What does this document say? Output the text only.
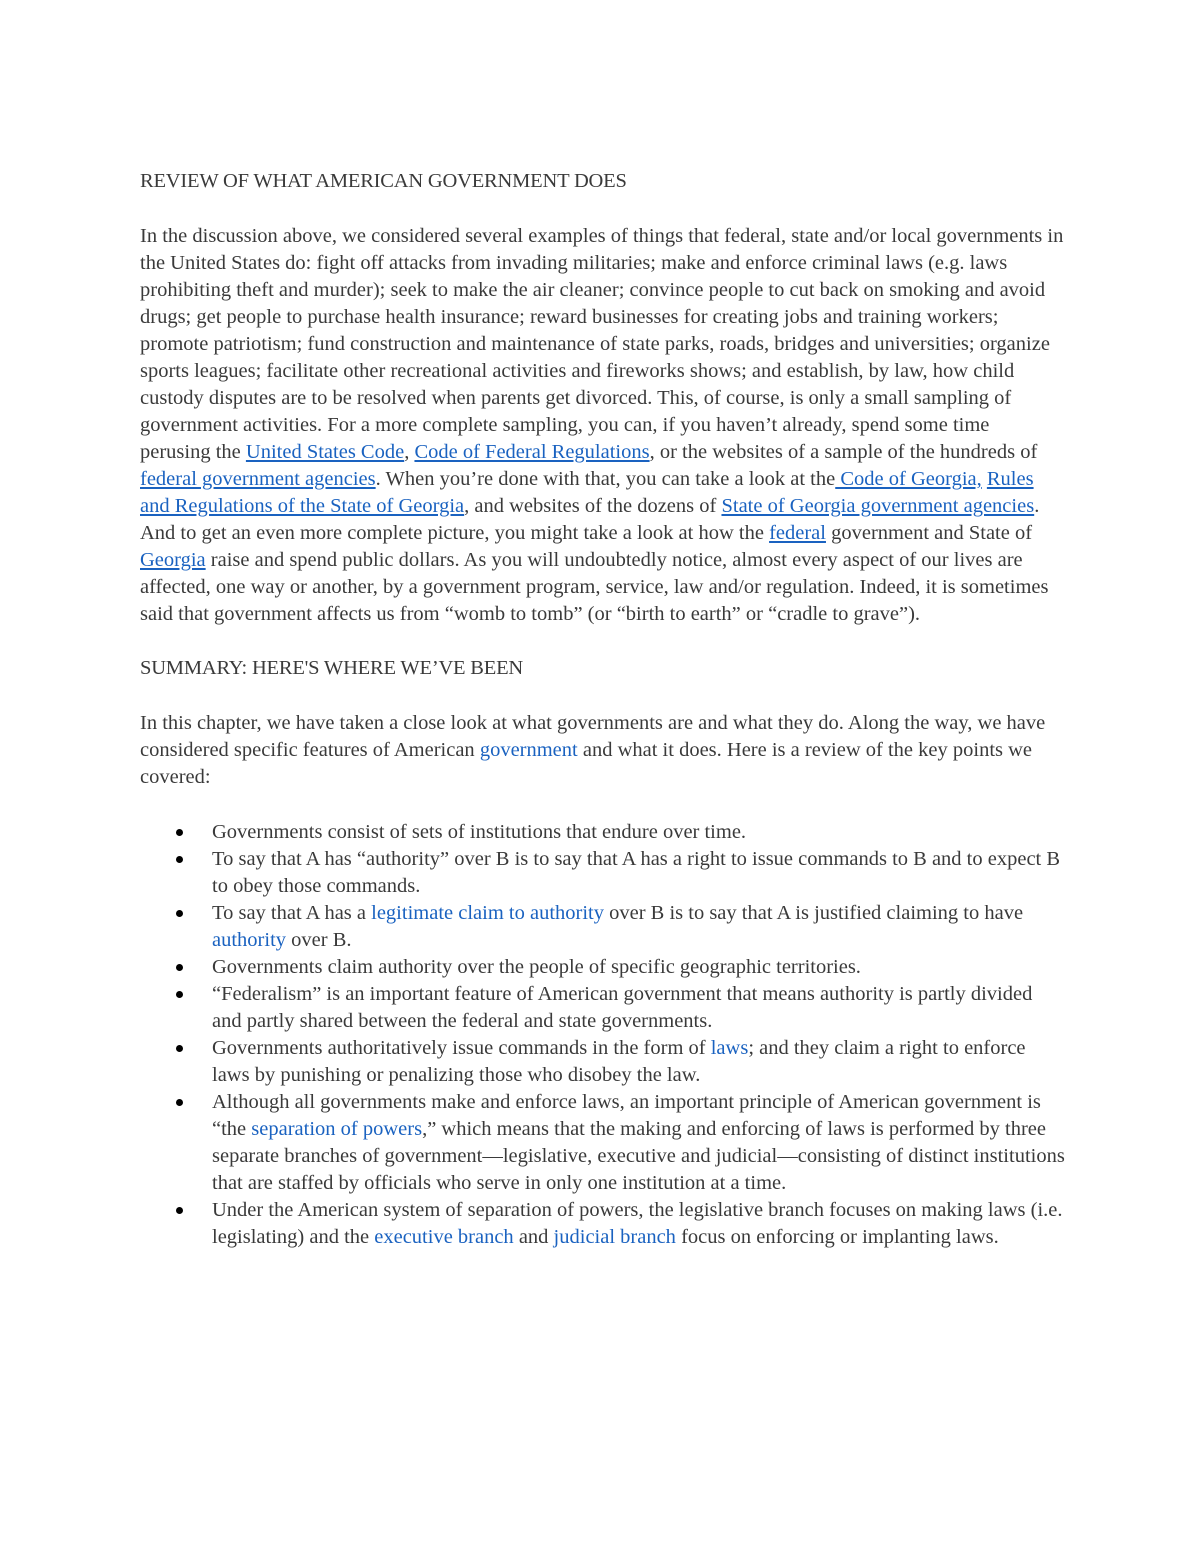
REVIEW OF WHAT AMERICAN GOVERNMENT DOES

In the discussion above, we considered several examples of things that federal, state and/or local governments in the United States do: fight off attacks from invading militaries; make and enforce criminal laws (e.g. laws prohibiting theft and murder); seek to make the air cleaner; convince people to cut back on smoking and avoid drugs; get people to purchase health insurance; reward businesses for creating jobs and training workers; promote patriotism; fund construction and maintenance of state parks, roads, bridges and universities; organize sports leagues; facilitate other recreational activities and fireworks shows; and establish, by law, how child custody disputes are to be resolved when parents get divorced. This, of course, is only a small sampling of government activities. For a more complete sampling, you can, if you haven’t already, spend some time perusing the United States Code, Code of Federal Regulations, or the websites of a sample of the hundreds of federal government agencies. When you’re done with that, you can take a look at the Code of Georgia, Rules and Regulations of the State of Georgia, and websites of the dozens of State of Georgia government agencies. And to get an even more complete picture, you might take a look at how the federal government and State of Georgia raise and spend public dollars. As you will undoubtedly notice, almost every aspect of our lives are affected, one way or another, by a government program, service, law and/or regulation. Indeed, it is sometimes said that government affects us from “womb to tomb” (or “birth to earth” or “cradle to grave”).

SUMMARY: HERE'S WHERE WE’VE BEEN

In this chapter, we have taken a close look at what governments are and what they do. Along the way, we have considered specific features of American government and what it does. Here is a review of the key points we covered:

Governments consist of sets of institutions that endure over time.
To say that A has “authority” over B is to say that A has a right to issue commands to B and to expect B to obey those commands.
To say that A has a legitimate claim to authority over B is to say that A is justified claiming to have authority over B.
Governments claim authority over the people of specific geographic territories.
“Federalism” is an important feature of American government that means authority is partly divided and partly shared between the federal and state governments.
Governments authoritatively issue commands in the form of laws; and they claim a right to enforce laws by punishing or penalizing those who disobey the law.
Although all governments make and enforce laws, an important principle of American government is “the separation of powers,” which means that the making and enforcing of laws is performed by three separate branches of government—legislative, executive and judicial—consisting of distinct institutions that are staffed by officials who serve in only one institution at a time.
Under the American system of separation of powers, the legislative branch focuses on making laws (i.e. legislating) and the executive branch and judicial branch focus on enforcing or implanting laws.
